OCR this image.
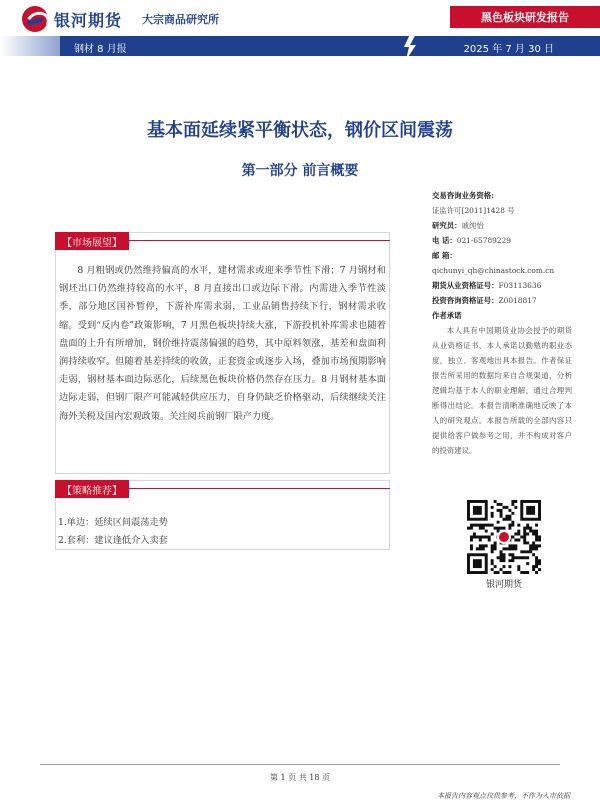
银河期货 大宗商品研究所	黑色板块研发报告
钢材 8 月报	2025 年 7 月 30 日
基本面延续紧平衡状态，钢价区间震荡
第一部分 前言概要
【市场展望】
8 月粗钢或仍然维持偏高的水平，建材需求或迎来季节性下滑；7 月钢材和钢坯出口仍然维持较高的水平，8 月直接出口或边际下滑。内需进入季节性淡季，部分地区国补暂停，下游补库需求弱，工业品销售持续下行，钢材需求收缩。受到“反内卷”政策影响，7 月黑色板块持续大涨，下游投机补库需求也随着盘面的上升有所增加，钢价维持震荡偏强的趋势，其中原料领涨，基差和盘面利润持续收窄。但随着基差持续的收敛，正套资金或逐步入场，叠加市场预期影响走弱，钢材基本面边际恶化，后续黑色板块价格仍然存在压力。8 月钢材基本面边际走弱，但钢厂限产可能减轻供应压力，自身仍缺乏价格驱动，后续继续关注海外关税及国内宏观政策。关注阅兵前钢厂限产力度。
【策略推荐】
1.单边：延续区间震荡走势
2.套利：建议逢低介入卖套
交易咨询业务资格:
证监许可[2011]1428 号
研究员：戚纯怡
电 话：021-65789229
邮 箱：
qichunyi_qh@chinastock.com.cn
期货从业资格证号：F03113636
投资咨询资格证号：Z0018817
作者承诺
本人具有中国期货业协会授予的期货从业资格证书、本人承诺以勤勉的职业态度，独立、客观地出具本报告。作者保证报告所采用的数据均来自合规渠道，分析逻辑均基于本人的职业理解，通过合理判断得出结论。本报告清晰准确地反映了本人的研究观点。本报告所载的全部内容只提供给客户做参考之用，并不构成对客户的投资建议。
银河期货
第 1 页 共 18 页
本报告内容观点仅供参考，不作为入市依据
